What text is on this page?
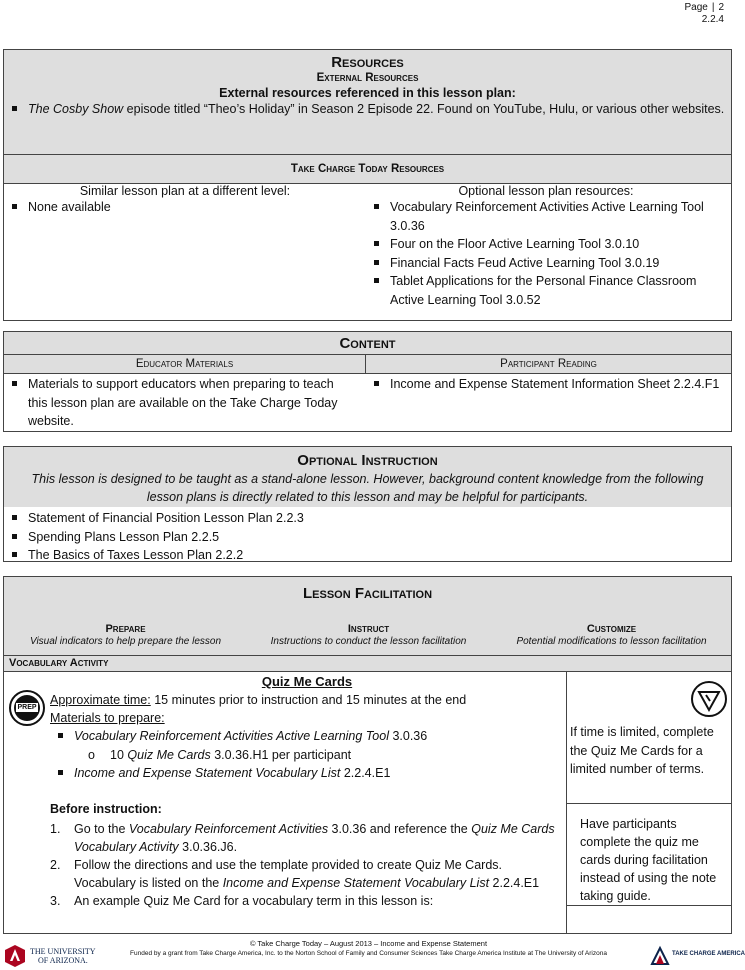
Page | 2
2.2.4
Resources
External Resources
External resources referenced in this lesson plan:
The Cosby Show episode titled “Theo’s Holiday” in Season 2 Episode 22. Found on YouTube, Hulu, or various other websites.
Take Charge Today Resources
Similar lesson plan at a different level:
None available
Optional lesson plan resources:
Vocabulary Reinforcement Activities Active Learning Tool 3.0.36
Four on the Floor Active Learning Tool 3.0.10
Financial Facts Feud Active Learning Tool 3.0.19
Tablet Applications for the Personal Finance Classroom Active Learning Tool 3.0.52
Content
Educator Materials	Participant Reading
Materials to support educators when preparing to teach this lesson plan are available on the Take Charge Today website.
Income and Expense Statement Information Sheet 2.2.4.F1
Optional Instruction
This lesson is designed to be taught as a stand-alone lesson. However, background content knowledge from the following lesson plans is directly related to this lesson and may be helpful for participants.
Statement of Financial Position Lesson Plan 2.2.3
Spending Plans Lesson Plan 2.2.5
The Basics of Taxes Lesson Plan 2.2.2
Lesson Facilitation
Prepare
Visual indicators to help prepare the lesson
Instruct
Instructions to conduct the lesson facilitation
Customize
Potential modifications to lesson facilitation
Vocabulary Activity
PREP
Quiz Me Cards
Approximate time: 15 minutes prior to instruction and 15 minutes at the end
Materials to prepare:
Vocabulary Reinforcement Activities Active Learning Tool 3.0.36
o 10 Quiz Me Cards 3.0.36.H1 per participant
Income and Expense Statement Vocabulary List 2.2.4.E1
Before instruction:
1. Go to the Vocabulary Reinforcement Activities 3.0.36 and reference the Quiz Me Cards Vocabulary Activity 3.0.36.J6.
2. Follow the directions and use the template provided to create Quiz Me Cards. Vocabulary is listed on the Income and Expense Statement Vocabulary List 2.2.4.E1
3. An example Quiz Me Card for a vocabulary term in this lesson is:
If time is limited, complete the Quiz Me Cards for a limited number of terms.
Have participants complete the quiz me cards during facilitation instead of using the note taking guide.
THE UNIVERSITY
OF ARIZONA.
© Take Charge Today – August 2013 – Income and Expense Statement
Funded by a grant from Take Charge America, Inc. to the Norton School of Family and Consumer Sciences Take Charge America Institute at The University of Arizona	TAKE CHARGE AMERICA
